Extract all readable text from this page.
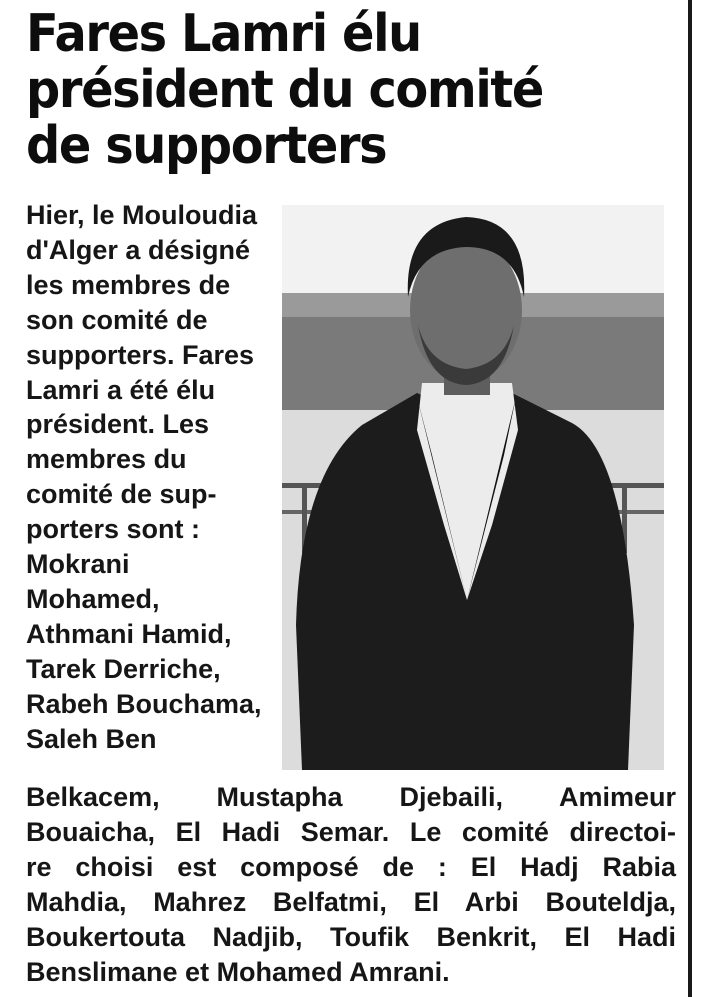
Fares Lamri élu
président du comité
de supporters
Hier, le Mouloudia
d'Alger a désigné
les membres de
son comité de
supporters. Fares
Lamri a été élu
président. Les
membres du
comité de sup-
porters sont :
Mokrani
Mohamed,
Athmani Hamid,
Tarek Derriche,
Rabeh Bouchama,
Saleh Ben
Belkacem, Mustapha Djebaili, Amimeur
Bouaicha, El Hadi Semar. Le comité directoi-
re choisi est composé de : El Hadj Rabia
Mahdia, Mahrez Belfatmi, El Arbi Bouteldja,
Boukertouta Nadjib, Toufik Benkrit, El Hadi
Benslimane et Mohamed Amrani.
